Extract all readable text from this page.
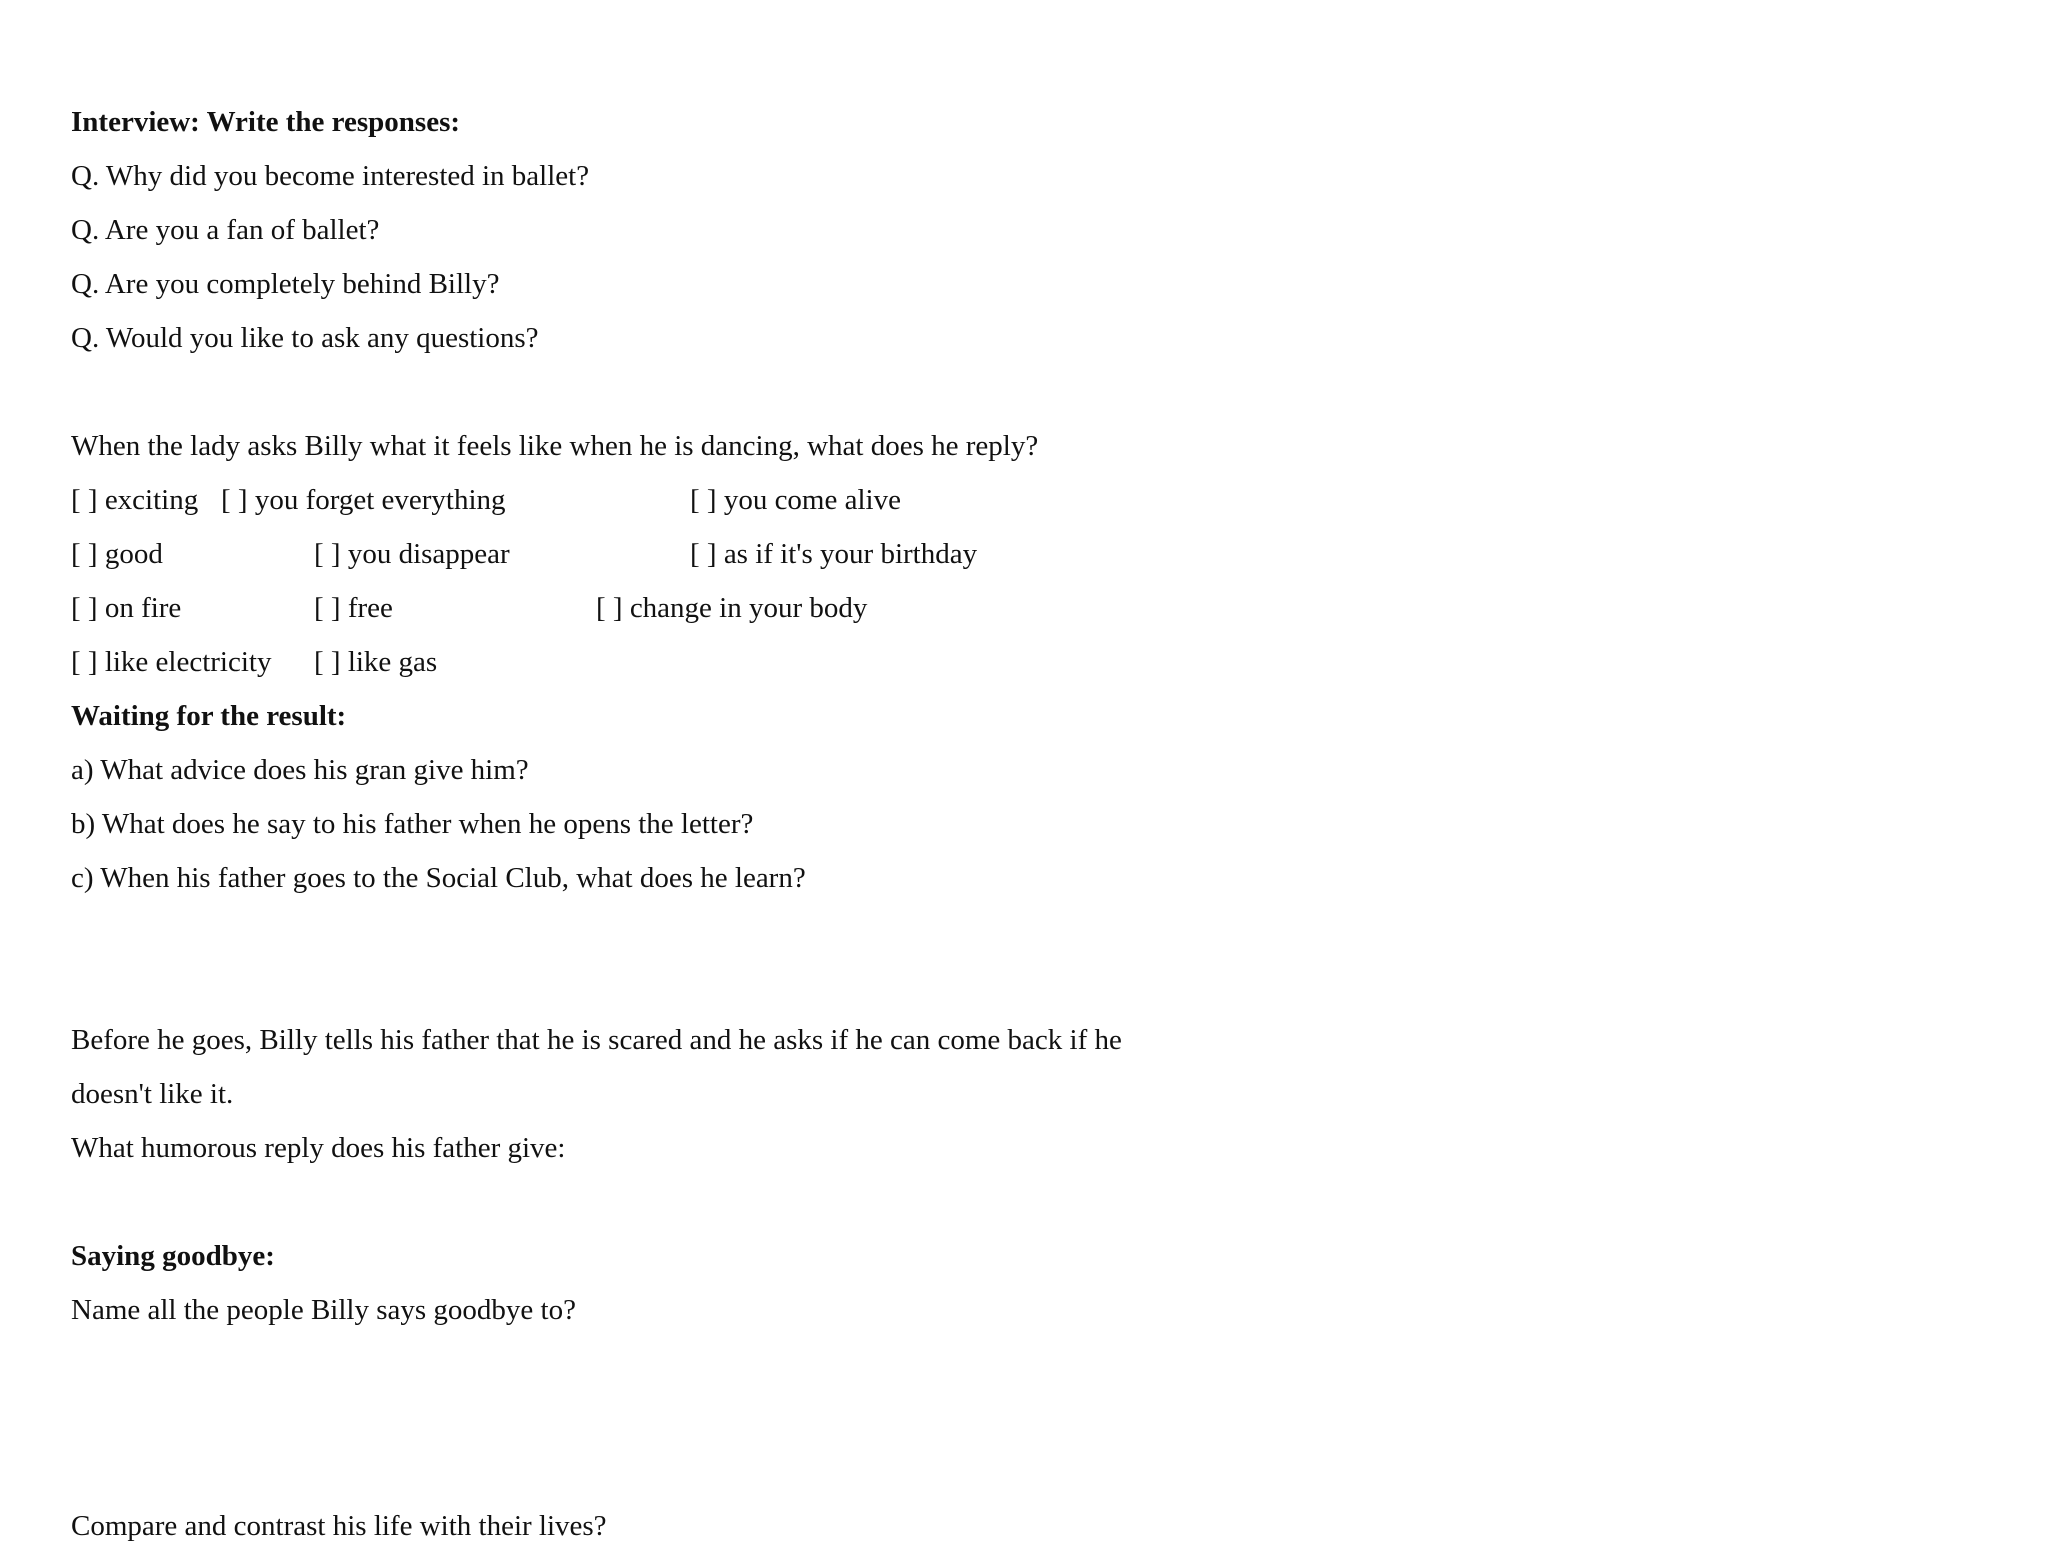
Interview: Write the responses:
Q. Why did you become interested in ballet?
Q. Are you a fan of ballet?
Q. Are you completely behind Billy?
Q. Would you like to ask any questions?
When the lady asks Billy what it feels like when he is dancing, what does he reply?
[ ] exciting [ ] you forget everything	[ ] you come alive
[ ] good	[ ] you disappear	[ ] as if it's your birthday
[ ] on fire	[ ] free	[ ] change in your body
[ ] like electricity [ ] like gas
Waiting for the result:
a) What advice does his gran give him?
b) What does he say to his father when he opens the letter?
c) When his father goes to the Social Club, what does he learn?
Before he goes, Billy tells his father that he is scared and he asks if he can come back if he
doesn't like it.
What humorous reply does his father give:
Saying goodbye:
Name all the people Billy says goodbye to?
Compare and contrast his life with their lives?
